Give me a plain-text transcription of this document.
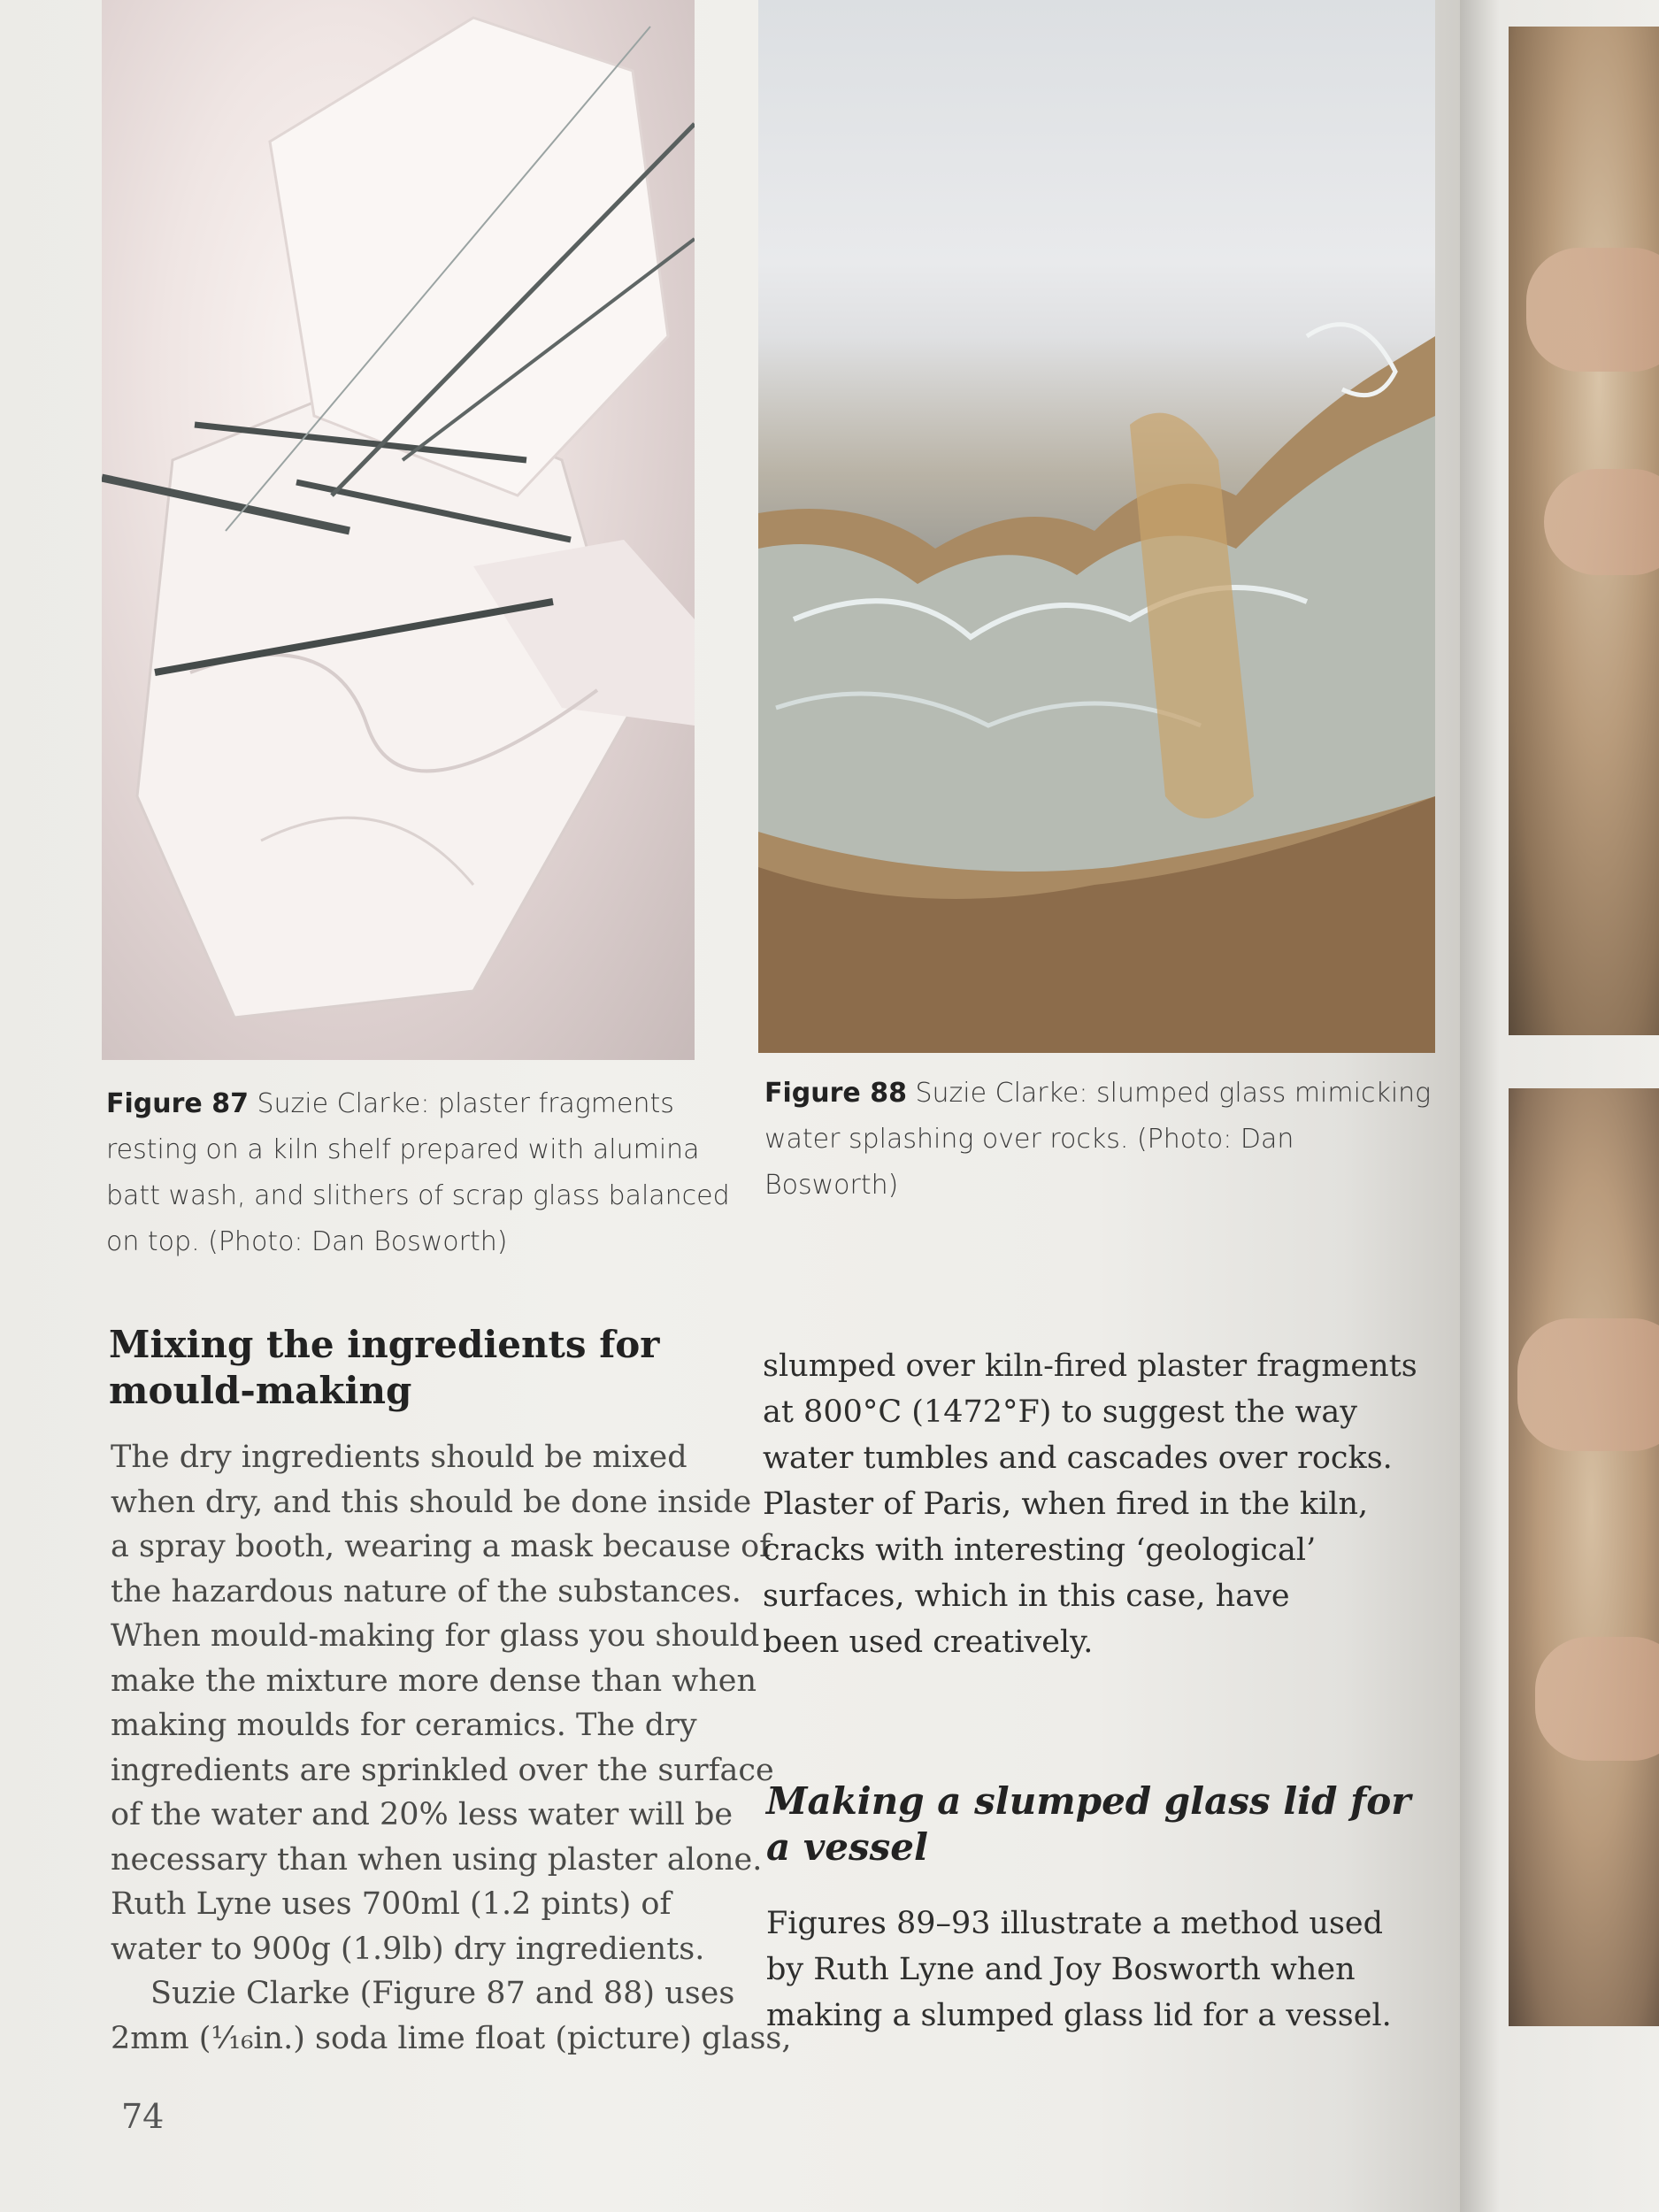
Figure 87 Suzie Clarke: plaster fragments
resting on a kiln shelf prepared with alumina
batt wash, and slithers of scrap glass balanced
on top. (Photo: Dan Bosworth)
Figure 88 Suzie Clarke: slumped glass mimicking
water splashing over rocks. (Photo: Dan
Bosworth)
Mixing the ingredients for
mould-making
The dry ingredients should be mixed
when dry, and this should be done inside
a spray booth, wearing a mask because of
the hazardous nature of the substances.
When mould-making for glass you should
make the mixture more dense than when
making moulds for ceramics. The dry
ingredients are sprinkled over the surface
of the water and 20% less water will be
necessary than when using plaster alone.
Ruth Lyne uses 700ml (1.2 pints) of
water to 900g (1.9lb) dry ingredients.
Suzie Clarke (Figure 87 and 88) uses
2mm (⅟₁₆in.) soda lime float (picture) glass,
slumped over kiln-fired plaster fragments
at 800°C (1472°F) to suggest the way
water tumbles and cascades over rocks.
Plaster of Paris, when fired in the kiln,
cracks with interesting ‘geological’
surfaces, which in this case, have
been used creatively.
Making a slumped glass lid for
a vessel
Figures 89–93 illustrate a method used
by Ruth Lyne and Joy Bosworth when
making a slumped glass lid for a vessel.
74
